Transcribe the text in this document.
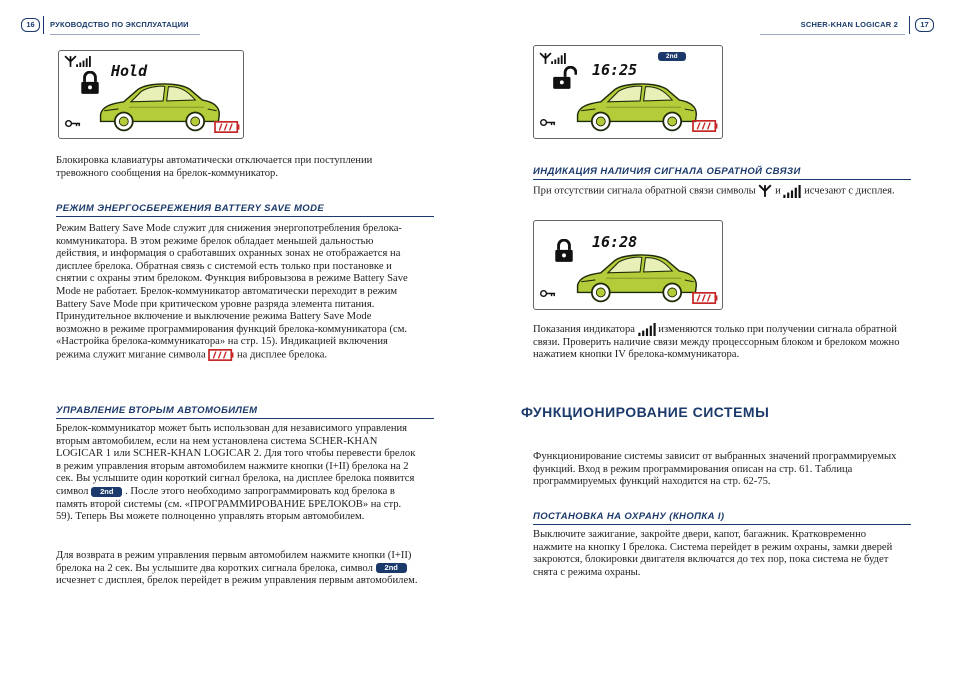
16	РУКОВОДСТВО ПО ЭКСПЛУАТАЦИИ	SCHER-KHAN LOGICAR 2	17
Hold

Блокировка клавиатуры автоматически отключается при поступлении тревожного сообщения на брелок-коммуникатор.

РЕЖИМ ЭНЕРГОСБЕРЕЖЕНИЯ BATTERY SAVE MODE

Режим Battery Save Mode служит для снижения энергопотребления брелока-коммуникатора. В этом режиме брелок обладает меньшей дальностью действия, и информация о сработавших охранных зонах не отображается на дисплее брелока. Обратная связь с системой есть только при постановке и снятии с охраны этим брелоком. Функция вибровызова в режиме Battery Save Mode не работает. Брелок-коммуникатор автоматически переходит в режим Battery Save Mode при критическом уровне разряда элемента питания. Принудительное включение и выключение режима Battery Save Mode возможно в режиме программирования функций брелока-коммуникатора (см. «Настройка брелока-коммуникатора» на стр. 15). Индикацией включения режима служит мигание символа	на дисплее брелока.

УПРАВЛЕНИЕ ВТОРЫМ АВТОМОБИЛЕМ

Брелок-коммуникатор может быть использован для независимого управления вторым автомобилем, если на нем установлена система SCHER-KHAN LOGICAR 1 или SCHER-KHAN LOGICAR 2. Для того чтобы перевести брелок в режим управления вторым автомобилем нажмите кнопки (I+II) брелока на 2 сек. Вы услышите один короткий сигнал брелока, на дисплее брелока появится символ 2nd . После этого необходимо запрограммировать код брелока в память второй системы (см. «ПРОГРАММИРОВАНИЕ БРЕЛОКОВ» на стр. 59). Теперь Вы можете полноценно управлять вторым автомобилем.

Для возврата в режим управления первым автомобилем нажмите кнопки (I+II) брелока на 2 сек. Вы услышите два коротких сигнала брелока, символ 2nd исчезнет с дисплея, брелок перейдет в режим управления первым автомобилем.

16:25
2nd
ИНДИКАЦИЯ НАЛИЧИЯ СИГНАЛА ОБРАТНОЙ СВЯЗИ

При отсутствии сигнала обратной связи символы и исчезают с дисплея.

16:28

Показания индикатора изменяются только при получении сигнала обратной связи. Проверить наличие связи между процессорным блоком и брелоком можно нажатием кнопки IV брелока-коммуникатора.

ФУНКЦИОНИРОВАНИЕ СИСТЕМЫ

Функционирование системы зависит от выбранных значений программируемых функций. Вход в режим программирования описан на стр. 61. Таблица программируемых функций находится на стр. 62-75.

ПОСТАНОВКА НА ОХРАНУ (КНОПКА I)

Выключите зажигание, закройте двери, капот, багажник. Кратковременно нажмите на кнопку I брелока. Система перейдет в режим охраны, замки дверей закроются, блокировки двигателя включатся до тех пор, пока система не будет снята с режима охраны.
